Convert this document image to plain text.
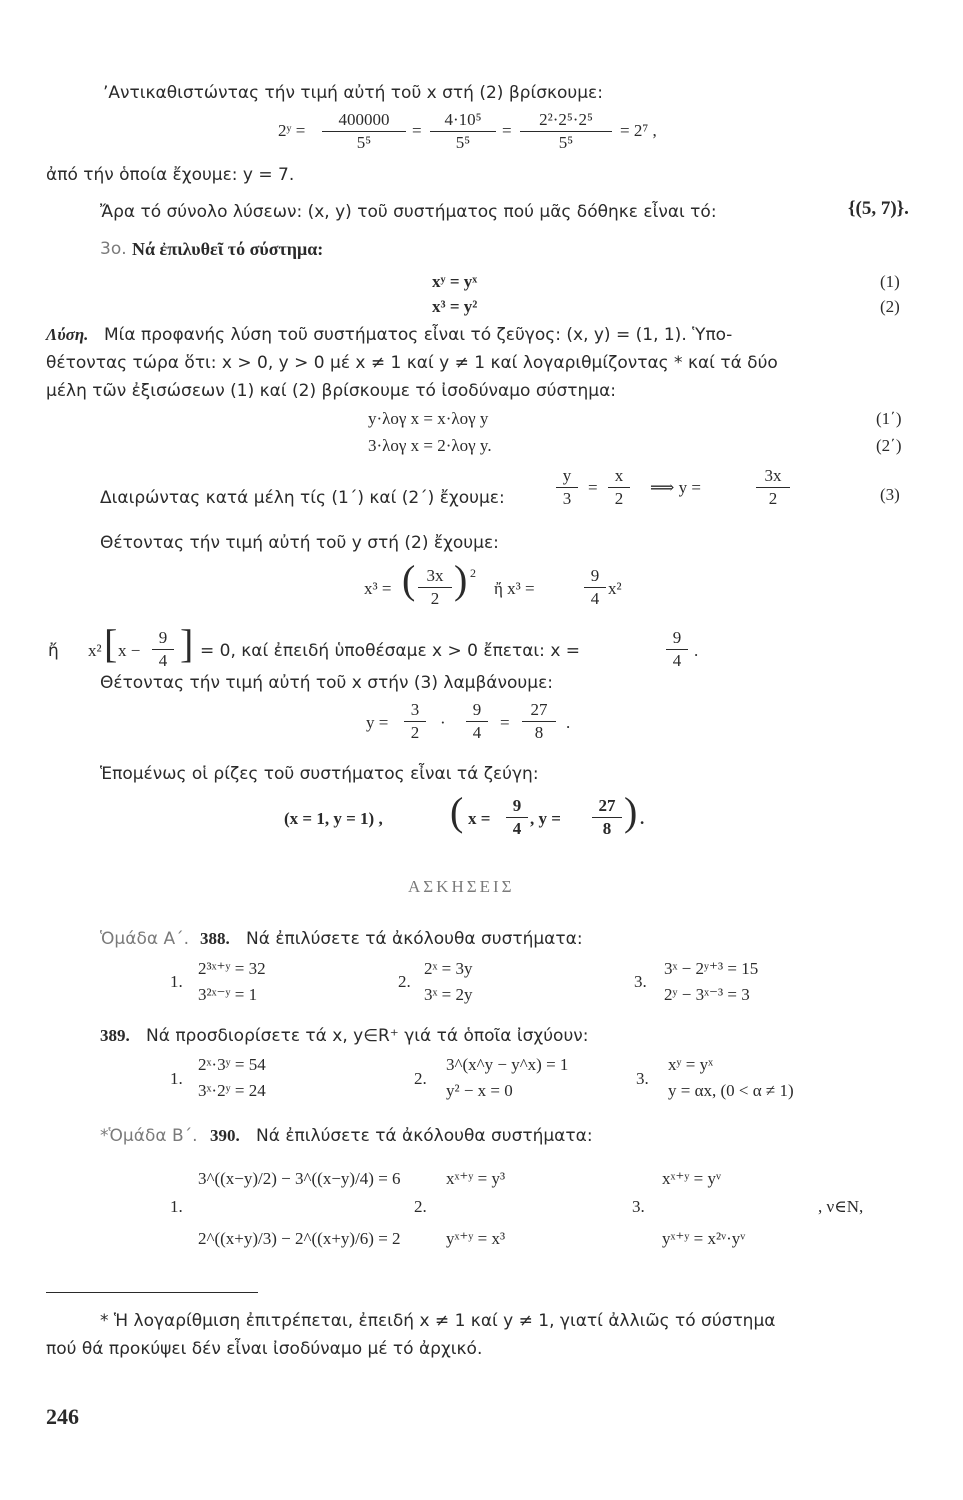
’Αντικαθιστώντας τήν τιμή αὐτή τοῦ x στή (2) βρίσκουμε:
2ʸ = $\frac{400000}{\text{5⁵}} = \frac{\text{4·10⁵}}{\text{5⁵}} = \frac{\text{2²·2⁵·2⁵}}{\text{5⁵}} = 2^7$ ,
ἀπό τήν ὁποία ἔχουμε: y = 7.
Ἄρα τό σύνολο λύσεων: (x, y) τοῦ συστήματος πού μᾶς δόθηκε εἶναι τό:	{(5, 7)}.
3ο. Νά ἐπιλυθεῖ τό σύστημα:
xʸ = yˣ	(1)
x³ = y²	(2)
Λύση. Μία προφανής λύση τοῦ συστήματος εἶναι τό ζεῦγος: (x, y) = (1, 1). Ὑπο-
θέτοντας τώρα ὅτι: x > 0, y > 0 μέ x ≠ 1 καί y ≠ 1 καί λογαριθμίζοντας * καί τά δύο
μέλη τῶν ἐξισώσεων (1) καί (2) βρίσκουμε τό ἰσοδύναμο σύστημα:
y·λογ x = x·λογ y	(1΄)
3·λογ x = 2·λογ y.	(2΄)
Διαιρώντας κατά μέλη τίς (1΄) καί (2΄) ἔχουμε:	$\frac{y}{3} = \frac{x}{2}$ ⟹ y =	$\frac{3x}{2}$	(3)
Θέτοντας τήν τιμή αὐτή τοῦ y στή (2) ἔχουμε:
x³ = ( $\frac{3x}{2}$ ) 2
ἤ x³ =	$\frac{9}{4} x^2$
ἤ x² [ $x - \frac{9}{4}$ ] = 0, καί ἐπειδή ὑποθέσαμε x > 0 ἔπεται: x =	$\frac{9}{4}$ .
Θέτοντας τήν τιμή αὐτή τοῦ x στήν (3) λαμβάνουμε:
$y = \frac{3}{2} \cdot \frac{9}{4} = \frac{27}{8}$ .
Ἑπομένως οἱ ρίζες τοῦ συστήματος εἶναι τά ζεύγη:
(x = 1, y = 1) , ( $x = \frac{9}{4}$ , $y = \frac{27}{8}$ ) .
ΑΣΚΗΣΕΙΣ
Ὁμάδα Α΄. 388. Νά ἐπιλύσετε τά ἀκόλουθα συστήματα:
1.
2³ˣ⁺ʸ = 32
3²ˣ⁻ʸ = 1
2.
2ˣ = 3y
3ˣ = 2y
3.
3ˣ − 2ʸ⁺³ = 15
2ʸ − 3ˣ⁻³ = 3
389. Νά προσδιορίσετε τά x, y∈R⁺ γιά τά ὁποῖα ἰσχύουν:
1.
2ˣ·3ʸ = 54
3ˣ·2ʸ = 24
2.
3^(x^y − y^x) = 1
y² − x = 0
3.
xʸ = yˣ
y = αx, (0 < α ≠ 1)
*Ὁμάδα Β΄. 390. Νά ἐπιλύσετε τά ἀκόλουθα συστήματα:
1.
3^((x−y)/2) − 3^((x−y)/4) = 6
2^((x+y)/3) − 2^((x+y)/6) = 2
2.
xˣ⁺ʸ = y³
yˣ⁺ʸ = x³
3.
xˣ⁺ʸ = yᵛ
yˣ⁺ʸ = x²ᵛ·yᵛ
, ν∈N,
* Ἡ λογαρίθμιση ἐπιτρέπεται, ἐπειδή x ≠ 1 καί y ≠ 1, γιατί ἀλλιῶς τό σύστημα
πού θά προκύψει δέν εἶναι ἰσοδύναμο μέ τό ἀρχικό.
246
